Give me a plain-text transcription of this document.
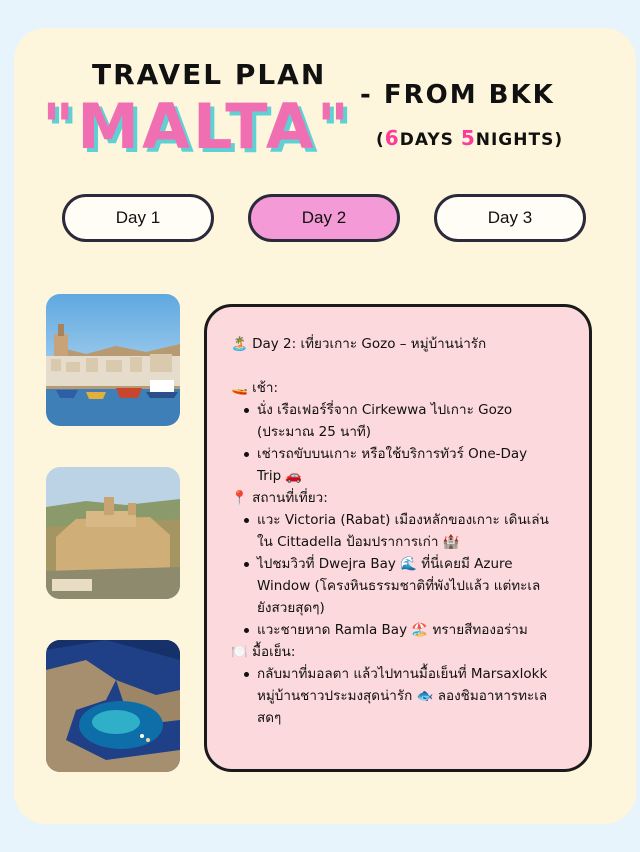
TRAVEL PLAN
"MALTA" - FROM BKK
(6DAYS 5NIGHTS)
Day 1	Day 2	Day 3
🏝️ Day 2: เที่ยวเกาะ Gozo – หมู่บ้านน่ารัก
🚤 เช้า:
นั่ง เรือเฟอร์รี่จาก Cirkewwa ไปเกาะ Gozo
(ประมาณ 25 นาที)
เช่ารถขับบนเกาะ หรือใช้บริการทัวร์ One-Day
Trip 🚗
📍 สถานที่เที่ยว:
แวะ Victoria (Rabat) เมืองหลักของเกาะ เดินเล่น
ใน Cittadella ป้อมปราการเก่า 🏰
ไปชมวิวที่ Dwejra Bay 🌊 ที่นี่เคยมี Azure
Window (โครงหินธรรมชาติที่พังไปแล้ว แต่ทะเล
ยังสวยสุดๆ)
แวะชายหาด Ramla Bay 🏖️ ทรายสีทองอร่าม
🍽️ มื้อเย็น:
กลับมาที่มอลตา แล้วไปทานมื้อเย็นที่ Marsaxlokk
หมู่บ้านชาวประมงสุดน่ารัก 🐟 ลองชิมอาหารทะเล
สดๆ
